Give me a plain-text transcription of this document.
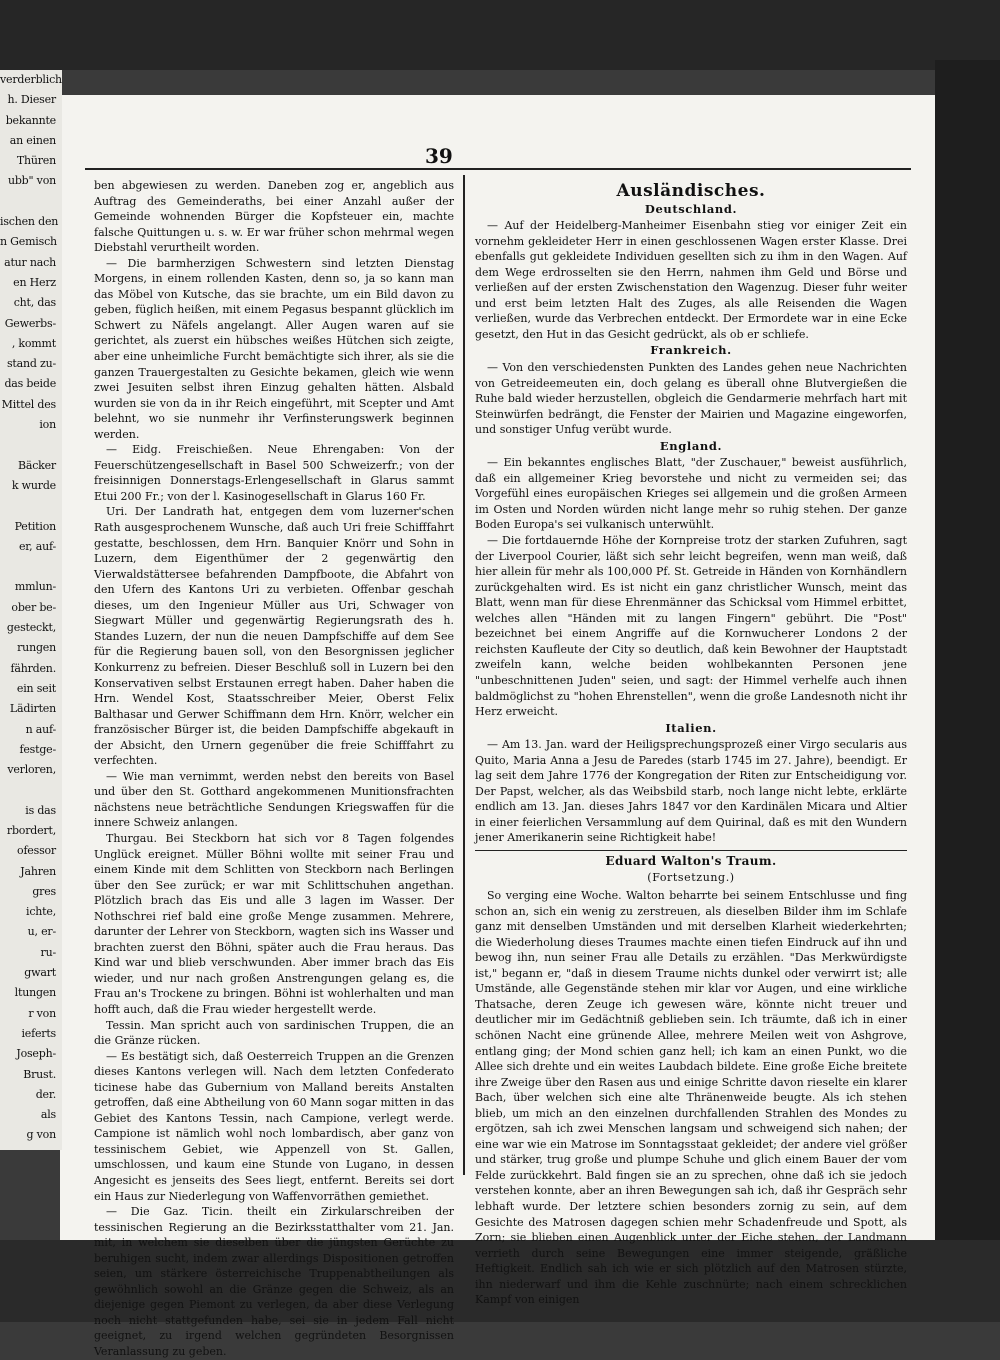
verderblich
h. Dieser
bekannte
an einen
Thüren
ubb" von

ischen den
n Gemisch
atur nach
en Herz
cht, das
Gewerbs-
, kommt
stand zu-
das beide
Mittel des
ion

Bäcker
k wurde

Petition
er, auf-

mmlun-
ober be-
gesteckt,
rungen
fährden.
ein seit
Lädirten
n auf-
festge-
verloren,

is das
rbordert,
ofessor
Jahren
gres
ichte,
u, er-
ru-
gwart
ltungen
r von
ieferts
Joseph-
Brust.
der.
als
g von
39

ben abgewiesen zu werden. Daneben zog er, angeblich aus Auftrag des Gemeinderaths, bei einer Anzahl außer der Gemeinde wohnenden Bürger die Kopfsteuer ein, machte falsche Quittungen u. s. w. Er war früher schon mehrmal wegen Diebstahl verurtheilt worden.

— Die barmherzigen Schwestern sind letzten Dienstag Morgens, in einem rollenden Kasten, denn so, ja so kann man das Möbel von Kutsche, das sie brachte, um ein Bild davon zu geben, füglich heißen, mit einem Pegasus bespannt glücklich im Schwert zu Näfels angelangt. Aller Augen waren auf sie gerichtet, als zuerst ein hübsches weißes Hütchen sich zeigte, aber eine unheimliche Furcht bemächtigte sich ihrer, als sie die ganzen Trauergestalten zu Gesichte bekamen, gleich wie wenn zwei Jesuiten selbst ihren Einzug gehalten hätten. Alsbald wurden sie von da in ihr Reich eingeführt, mit Scepter und Amt belehnt, wo sie nunmehr ihr Verfinsterungswerk beginnen werden.

— Eidg. Freischießen. Neue Ehrengaben: Von der Feuerschützengesellschaft in Basel 500 Schweizerfr.; von der freisinnigen Donnerstags-Erlengesellschaft in Glarus sammt Etui 200 Fr.; von der l. Kasinogesellschaft in Glarus 160 Fr.

Uri. Der Landrath hat, entgegen dem vom luzerner'schen Rath ausgesprochenem Wunsche, daß auch Uri freie Schifffahrt gestatte, beschlossen, dem Hrn. Banquier Knörr und Sohn in Luzern, dem Eigenthümer der 2 gegenwärtig den Vierwaldstättersee befahrenden Dampfboote, die Abfahrt von den Ufern des Kantons Uri zu verbieten. Offenbar geschah dieses, um den Ingenieur Müller aus Uri, Schwager von Siegwart Müller und gegenwärtig Regierungsrath des h. Standes Luzern, der nun die neuen Dampfschiffe auf dem See für die Regierung bauen soll, von den Besorgnissen jeglicher Konkurrenz zu befreien. Dieser Beschluß soll in Luzern bei den Konservativen selbst Erstaunen erregt haben. Daher haben die Hrn. Wendel Kost, Staatsschreiber Meier, Oberst Felix Balthasar und Gerwer Schiffmann dem Hrn. Knörr, welcher ein französischer Bürger ist, die beiden Dampfschiffe abgekauft in der Absicht, den Urnern gegenüber die freie Schifffahrt zu verfechten.

— Wie man vernimmt, werden nebst den bereits von Basel und über den St. Gotthard angekommenen Munitionsfrachten nächstens neue beträchtliche Sendungen Kriegswaffen für die innere Schweiz anlangen.

Thurgau. Bei Steckborn hat sich vor 8 Tagen folgendes Unglück ereignet. Müller Böhni wollte mit seiner Frau und einem Kinde mit dem Schlitten von Steckborn nach Berlingen über den See zurück; er war mit Schlittschuhen angethan. Plötzlich brach das Eis und alle 3 lagen im Wasser. Der Nothschrei rief bald eine große Menge zusammen. Mehrere, darunter der Lehrer von Steckborn, wagten sich ins Wasser und brachten zuerst den Böhni, später auch die Frau heraus. Das Kind war und blieb verschwunden. Aber immer brach das Eis wieder, und nur nach großen Anstrengungen gelang es, die Frau an's Trockene zu bringen. Böhni ist wohlerhalten und man hofft auch, daß die Frau wieder hergestellt werde.

Tessin. Man spricht auch von sardinischen Truppen, die an die Gränze rücken.

— Es bestätigt sich, daß Oesterreich Truppen an die Grenzen dieses Kantons verlegen will. Nach dem letzten Confederato ticinese habe das Gubernium von Malland bereits Anstalten getroffen, daß eine Abtheilung von 60 Mann sogar mitten in das Gebiet des Kantons Tessin, nach Campione, verlegt werde. Campione ist nämlich wohl noch lombardisch, aber ganz von tessinischem Gebiet, wie Appenzell von St. Gallen, umschlossen, und kaum eine Stunde von Lugano, in dessen Angesicht es jenseits des Sees liegt, entfernt. Bereits sei dort ein Haus zur Niederlegung von Waffenvorräthen gemiethet.

— Die Gaz. Ticin. theilt ein Zirkularschreiben der tessinischen Regierung an die Bezirksstatthalter vom 21. Jan. mit, in welchem sie dieselben über die jüngsten Gerüchte zu beruhigen sucht, indem zwar allerdings Dispositionen getroffen seien, um stärkere österreichische Truppenabtheilungen als gewöhnlich sowohl an die Gränze gegen die Schweiz, als an diejenige gegen Piemont zu verlegen, da aber diese Verlegung noch nicht stattgefunden habe, sei sie in jedem Fall nicht geeignet, zu irgend welchen gegründeten Besorgnissen Veranlassung zu geben.

Ausländisches.
Deutschland.

— Auf der Heidelberg-Manheimer Eisenbahn stieg vor einiger Zeit ein vornehm gekleideter Herr in einen geschlossenen Wagen erster Klasse. Drei ebenfalls gut gekleidete Individuen gesellten sich zu ihm in den Wagen. Auf dem Wege erdrosselten sie den Herrn, nahmen ihm Geld und Börse und verließen auf der ersten Zwischenstation den Wagenzug. Dieser fuhr weiter und erst beim letzten Halt des Zuges, als alle Reisenden die Wagen verließen, wurde das Verbrechen entdeckt. Der Ermordete war in eine Ecke gesetzt, den Hut in das Gesicht gedrückt, als ob er schliefe.

Frankreich.

— Von den verschiedensten Punkten des Landes gehen neue Nachrichten von Getreideemeuten ein, doch gelang es überall ohne Blutvergießen die Ruhe bald wieder herzustellen, obgleich die Gendarmerie mehrfach hart mit Steinwürfen bedrängt, die Fenster der Mairien und Magazine eingeworfen, und sonstiger Unfug verübt wurde.

England.

— Ein bekanntes englisches Blatt, "der Zuschauer," beweist ausführlich, daß ein allgemeiner Krieg bevorstehe und nicht zu vermeiden sei; das Vorgefühl eines europäischen Krieges sei allgemein und die großen Armeen im Osten und Norden würden nicht lange mehr so ruhig stehen. Der ganze Boden Europa's sei vulkanisch unterwühlt.

— Die fortdauernde Höhe der Kornpreise trotz der starken Zufuhren, sagt der Liverpool Courier, läßt sich sehr leicht begreifen, wenn man weiß, daß hier allein für mehr als 100,000 Pf. St. Getreide in Händen von Kornhändlern zurückgehalten wird. Es ist nicht ein ganz christlicher Wunsch, meint das Blatt, wenn man für diese Ehrenmänner das Schicksal vom Himmel erbittet, welches allen "Händen mit zu langen Fingern" gebührt. Die "Post" bezeichnet bei einem Angriffe auf die Kornwucherer Londons 2 der reichsten Kaufleute der City so deutlich, daß kein Bewohner der Hauptstadt zweifeln kann, welche beiden wohlbekannten Personen jene "unbeschnittenen Juden" seien, und sagt: der Himmel verhelfe auch ihnen baldmöglichst zu "hohen Ehrenstellen", wenn die große Landesnoth nicht ihr Herz erweicht.

Italien.

— Am 13. Jan. ward der Heiligsprechungsprozeß einer Virgo secularis aus Quito, Maria Anna a Jesu de Paredes (starb 1745 im 27. Jahre), beendigt. Er lag seit dem Jahre 1776 der Kongregation der Riten zur Entscheidigung vor. Der Papst, welcher, als das Weibsbild starb, noch lange nicht lebte, erklärte endlich am 13. Jan. dieses Jahrs 1847 vor den Kardinälen Micara und Altier in einer feierlichen Versammlung auf dem Quirinal, daß es mit den Wundern jener Amerikanerin seine Richtigkeit habe!

Eduard Walton's Traum.
(Fortsetzung.)

So verging eine Woche. Walton beharrte bei seinem Entschlusse und fing schon an, sich ein wenig zu zerstreuen, als dieselben Bilder ihm im Schlafe ganz mit denselben Umständen und mit derselben Klarheit wiederkehrten; die Wiederholung dieses Traumes machte einen tiefen Eindruck auf ihn und bewog ihn, nun seiner Frau alle Details zu erzählen. "Das Merkwürdigste ist," begann er, "daß in diesem Traume nichts dunkel oder verwirrt ist; alle Umstände, alle Gegenstände stehen mir klar vor Augen, und eine wirkliche Thatsache, deren Zeuge ich gewesen wäre, könnte nicht treuer und deutlicher mir im Gedächtniß geblieben sein. Ich träumte, daß ich in einer schönen Nacht eine grünende Allee, mehrere Meilen weit von Ashgrove, entlang ging; der Mond schien ganz hell; ich kam an einen Punkt, wo die Allee sich drehte und ein weites Laubdach bildete. Eine große Eiche breitete ihre Zweige über den Rasen aus und einige Schritte davon rieselte ein klarer Bach, über welchen sich eine alte Thränenweide beugte. Als ich stehen blieb, um mich an den einzelnen durchfallenden Strahlen des Mondes zu ergötzen, sah ich zwei Menschen langsam und schweigend sich nahen; der eine war wie ein Matrose im Sonntagsstaat gekleidet; der andere viel größer und stärker, trug große und plumpe Schuhe und glich einem Bauer der vom Felde zurückkehrt. Bald fingen sie an zu sprechen, ohne daß ich sie jedoch verstehen konnte, aber an ihren Bewegungen sah ich, daß ihr Gespräch sehr lebhaft wurde. Der letztere schien besonders zornig zu sein, auf dem Gesichte des Matrosen dagegen schien mehr Schadenfreude und Spott, als Zorn; sie blieben einen Augenblick unter der Eiche stehen, der Landmann verrieth durch seine Bewegungen eine immer steigende, gräßliche Heftigkeit. Endlich sah ich wie er sich plötzlich auf den Matrosen stürzte, ihn niederwarf und ihm die Kehle zuschnürte; nach einem schrecklichen Kampf von einigen
